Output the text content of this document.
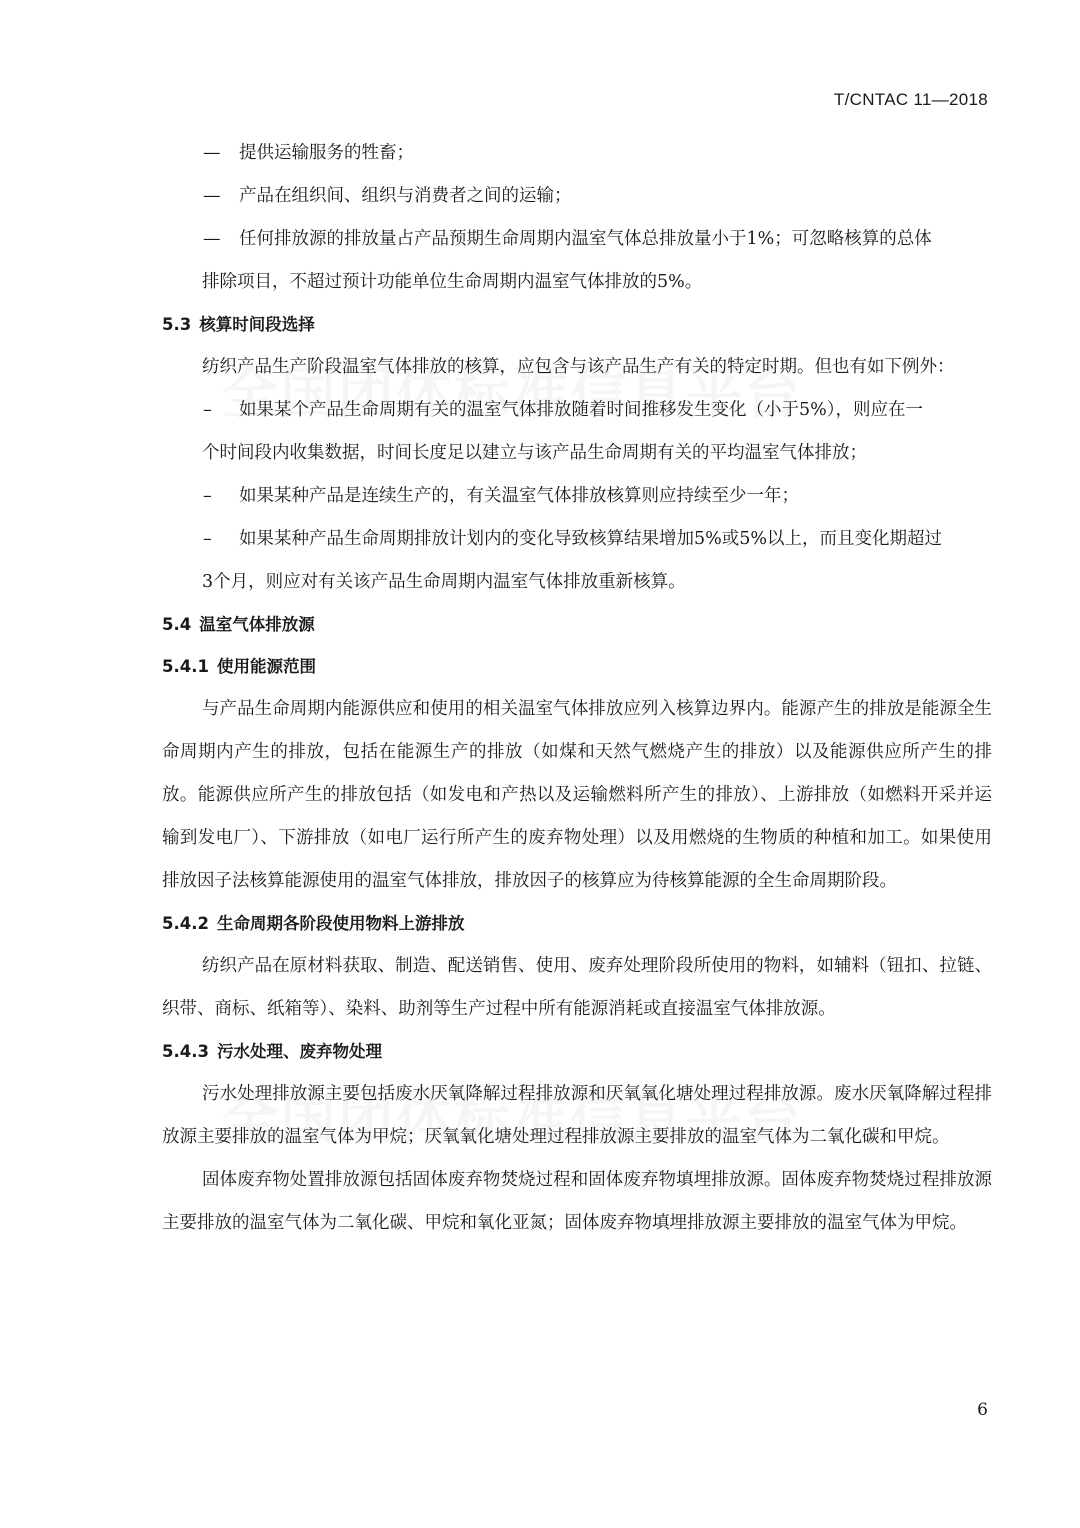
T/CNTAC 11—2018

— 提供运输服务的牲畜；

— 产品在组织间、组织与消费者之间的运输；

— 任何排放源的排放量占产品预期生命周期内温室气体总排放量小于1%；可忽略核算的总体

排除项目，不超过预计功能单位生命周期内温室气体排放的5%。

5.3 核算时间段选择

纺织产品生产阶段温室气体排放的核算，应包含与该产品生产有关的特定时期。但也有如下例外：

– 如果某个产品生命周期有关的温室气体排放随着时间推移发生变化（小于5%），则应在一

个时间段内收集数据，时间长度足以建立与该产品生命周期有关的平均温室气体排放；

– 如果某种产品是连续生产的，有关温室气体排放核算则应持续至少一年；

– 如果某种产品生命周期排放计划内的变化导致核算结果增加5%或5%以上，而且变化期超过

3个月，则应对有关该产品生命周期内温室气体排放重新核算。

5.4 温室气体排放源

5.4.1 使用能源范围

与产品生命周期内能源供应和使用的相关温室气体排放应列入核算边界内。能源产生的排放是能源全生命周期内产生的排放，包括在能源生产的排放（如煤和天然气燃烧产生的排放）以及能源供应所产生的排放。能源供应所产生的排放包括（如发电和产热以及运输燃料所产生的排放）、上游排放（如燃料开采并运输到发电厂）、下游排放（如电厂运行所产生的废弃物处理）以及用燃烧的生物质的种植和加工。如果使用排放因子法核算能源使用的温室气体排放，排放因子的核算应为待核算能源的全生命周期阶段。

5.4.2 生命周期各阶段使用物料上游排放

纺织产品在原材料获取、制造、配送销售、使用、废弃处理阶段所使用的物料，如辅料（钮扣、拉链、织带、商标、纸箱等）、染料、助剂等生产过程中所有能源消耗或直接温室气体排放源。

5.4.3 污水处理、废弃物处理

污水处理排放源主要包括废水厌氧降解过程排放源和厌氧氧化塘处理过程排放源。废水厌氧降解过程排放源主要排放的温室气体为甲烷；厌氧氧化塘处理过程排放源主要排放的温室气体为二氧化碳和甲烷。

固体废弃物处置排放源包括固体废弃物焚烧过程和固体废弃物填埋排放源。固体废弃物焚烧过程排放源主要排放的温室气体为二氧化碳、甲烷和氧化亚氮；固体废弃物填埋排放源主要排放的温室气体为甲烷。

6
